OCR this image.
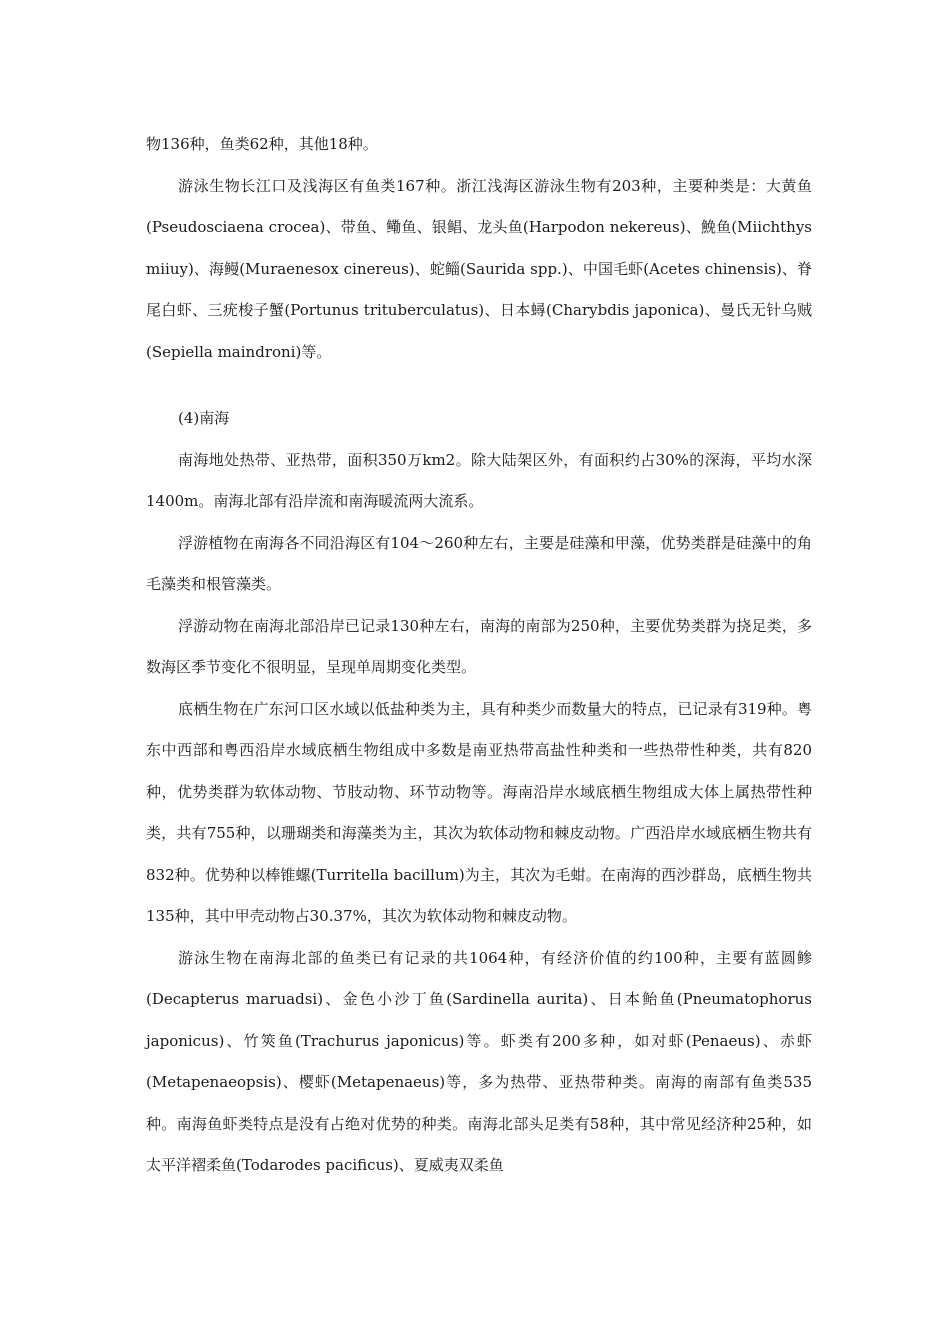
物136种，鱼类62种，其他18种。

游泳生物长江口及浅海区有鱼类167种。浙江浅海区游泳生物有203种，主要种类是：大黄鱼(Pseudosciaena crocea)、带鱼、鳓鱼、银鲳、龙头鱼(Harpodon nekereus)、鮸鱼(Miichthys miiuy)、海鳗(Muraenesox cinereus)、蛇鲻(Saurida spp.)、中国毛虾(Acetes chinensis)、脊尾白虾、三疣梭子蟹(Portunus trituberculatus)、日本蟳(Charybdis japonica)、曼氏无针乌贼(Sepiella maindroni)等。

(4)南海

南海地处热带、亚热带，面积350万km2。除大陆架区外，有面积约占30%的深海，平均水深1400m。南海北部有沿岸流和南海暖流两大流系。

浮游植物在南海各不同沿海区有104～260种左右，主要是硅藻和甲藻，优势类群是硅藻中的角毛藻类和根管藻类。

浮游动物在南海北部沿岸已记录130种左右，南海的南部为250种，主要优势类群为挠足类，多数海区季节变化不很明显，呈现单周期变化类型。

底栖生物在广东河口区水域以低盐种类为主，具有种类少而数量大的特点，已记录有319种。粤东中西部和粤西沿岸水域底栖生物组成中多数是南亚热带高盐性种类和一些热带性种类，共有820种，优势类群为软体动物、节肢动物、环节动物等。海南沿岸水域底栖生物组成大体上属热带性种类，共有755种，以珊瑚类和海藻类为主，其次为软体动物和棘皮动物。广西沿岸水域底栖生物共有832种。优势种以棒锥螺(Turritella bacillum)为主，其次为毛蚶。在南海的西沙群岛，底栖生物共135种，其中甲壳动物占30.37%，其次为软体动物和棘皮动物。

游泳生物在南海北部的鱼类已有记录的共1064种，有经济价值的约100种，主要有蓝圆鲹(Decapterus maruadsi)、金色小沙丁鱼(Sardinella aurita)、日本鲐鱼(Pneumatophorus japonicus)、竹筴鱼(Trachurus japonicus)等。虾类有200多种，如对虾(Penaeus)、赤虾(Metapenaeopsis)、樱虾(Metapenaeus)等，多为热带、亚热带种类。南海的南部有鱼类535种。南海鱼虾类特点是没有占绝对优势的种类。南海北部头足类有58种，其中常见经济种25种，如太平洋褶柔鱼(Todarodes pacificus)、夏威夷双柔鱼
